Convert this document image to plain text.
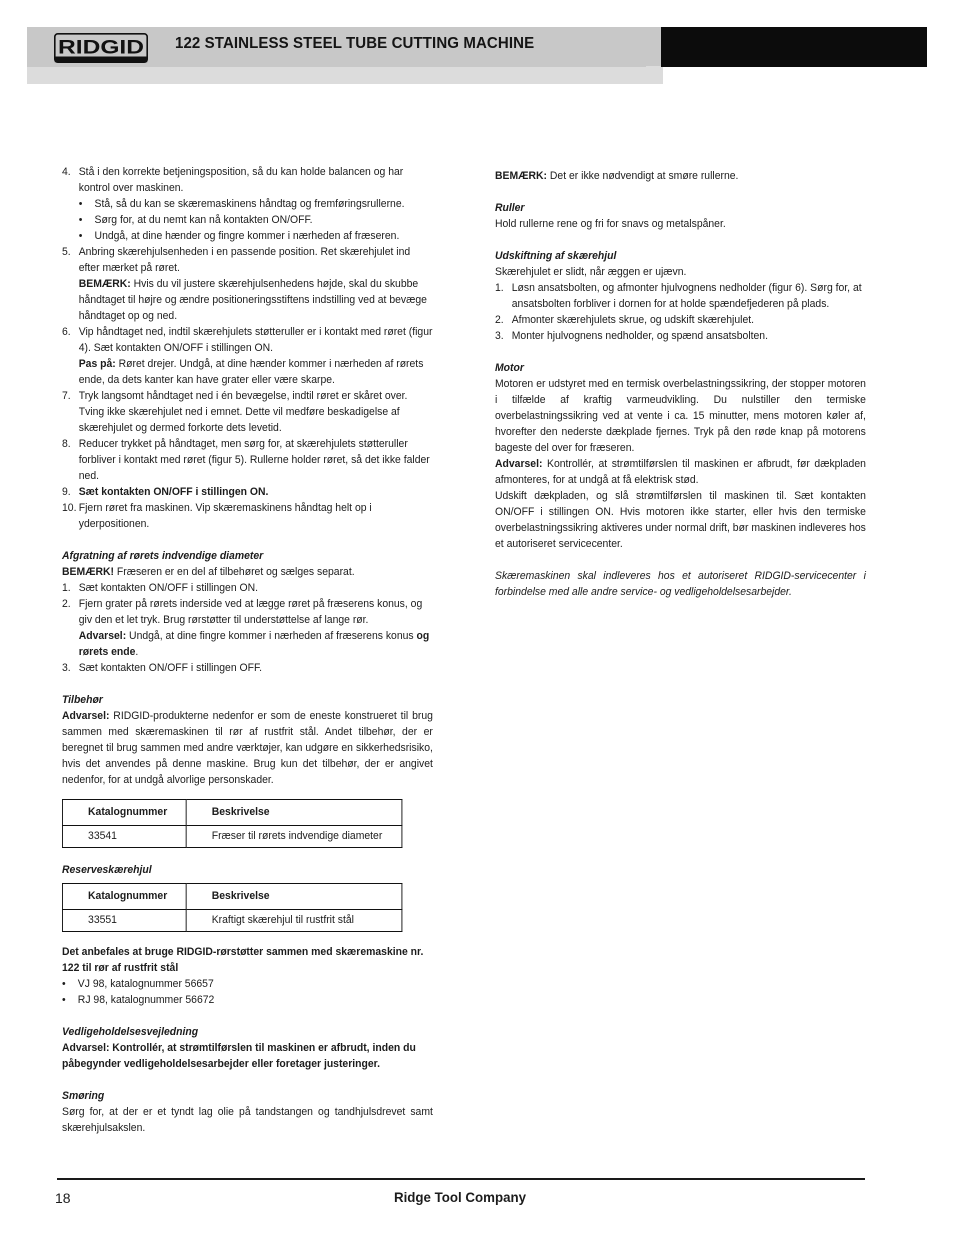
RIDGID 122 STAINLESS STEEL TUBE CUTTING MACHINE
4. Stå i den korrekte betjeningsposition, så du kan holde balancen og har kontrol over maskinen.
• Stå, så du kan se skæremaskinens håndtag og fremføringsrullerne.
• Sørg for, at du nemt kan nå kontakten ON/OFF.
• Undgå, at dine hænder og fingre kommer i nærheden af fræseren.
5. Anbring skærehjulsenheden i en passende position. Ret skærehjulet ind efter mærket på røret.
BEMÆRK: Hvis du vil justere skærehjulsenhedens højde, skal du skubbe håndtaget til højre og ændre positioneringsstiftens indstilling ved at bevæge håndtaget op og ned.
6. Vip håndtaget ned, indtil skærehjulets støtteruller er i kontakt med røret (figur 4). Sæt kontakten ON/OFF i stillingen ON.
Pas på: Røret drejer. Undgå, at dine hænder kommer i nærheden af rørets ende, da dets kanter kan have grater eller være skarpe.
7. Tryk langsomt håndtaget ned i én bevægelse, indtil røret er skåret over. Tving ikke skærehjulet ned i emnet. Dette vil medføre beskadigelse af skærehjulet og dermed forkorte dets levetid.
8. Reducer trykket på håndtaget, men sørg for, at skærehjulets støtteruller forbliver i kontakt med røret (figur 5). Rullerne holder røret, så det ikke falder ned.
9. Sæt kontakten ON/OFF i stillingen ON.
10. Fjern røret fra maskinen. Vip skæremaskinens håndtag helt op i yderpositionen.

Afgratning af rørets indvendige diameter

BEMÆRK! Fræseren er en del af tilbehøret og sælges separat.

1. Sæt kontakten ON/OFF i stillingen ON.
2. Fjern grater på rørets inderside ved at lægge røret på fræserens konus, og giv den et let tryk. Brug rørstøtter til understøttelse af lange rør.
Advarsel: Undgå, at dine fingre kommer i nærheden af fræserens konus og rørets ende.
3. Sæt kontakten ON/OFF i stillingen OFF.

Tilbehør

Advarsel: RIDGID-produkterne nedenfor er som de eneste konstrueret til brug sammen med skæremaskinen til rør af rustfrit stål. Andet tilbehør, der er beregnet til brug sammen med andre værktøjer, kan udgøre en sikkerhedsrisiko, hvis det anvendes på denne maskine. Brug kun det tilbehør, der er angivet nedenfor, for at undgå alvorlige personskader.

Katalognummer	Beskrivelse
33541	Fræser til rørets indvendige diameter

Reserveskærehjul

Katalognummer	Beskrivelse
33551	Kraftigt skærehjul til rustfrit stål

Det anbefales at bruge RIDGID-rørstøtter sammen med skæremaskine nr. 122 til rør af rustfrit stål

• VJ 98, katalognummer 56657
• RJ 98, katalognummer 56672

Vedligeholdelsesvejledning

Advarsel: Kontrollér, at strømtilførslen til maskinen er afbrudt, inden du påbegynder vedligeholdelsesarbejder eller foretager justeringer.

Smøring

Sørg for, at der er et tyndt lag olie på tandstangen og tandhjulsdrevet samt skærehjulsakslen.

BEMÆRK: Det er ikke nødvendigt at smøre rullerne.

Ruller

Hold rullerne rene og fri for snavs og metalspåner.

Udskiftning af skærehjul

Skærehjulet er slidt, når æggen er ujævn.

1. Løsn ansatsbolten, og afmonter hjulvognens nedholder (figur 6). Sørg for, at ansatsbolten forbliver i dornen for at holde spændefjederen på plads.
2. Afmonter skærehjulets skrue, og udskift skærehjulet.
3. Monter hjulvognens nedholder, og spænd ansatsbolten.

Motor

Motoren er udstyret med en termisk overbelastningssikring, der stopper motoren i tilfælde af kraftig varmeudvikling. Du nulstiller den termiske overbelastningssikring ved at vente i ca. 15 minutter, mens motoren køler af, hvorefter den nederste dækplade fjernes. Tryk på den røde knap på motorens bageste del over for fræseren.

Advarsel: Kontrollér, at strømtilførslen til maskinen er afbrudt, før dækpladen afmonteres, for at undgå at få elektrisk stød.

Udskift dækpladen, og slå strømtilførslen til maskinen til. Sæt kontakten ON/OFF i stillingen ON. Hvis motoren ikke starter, eller hvis den termiske overbelastningssikring aktiveres under normal drift, bør maskinen indleveres hos et autoriseret servicecenter.

Skæremaskinen skal indleveres hos et autoriseret RIDGID-servicecenter i forbindelse med alle andre service- og vedligeholdelsesarbejder.

18	Ridge Tool Company
